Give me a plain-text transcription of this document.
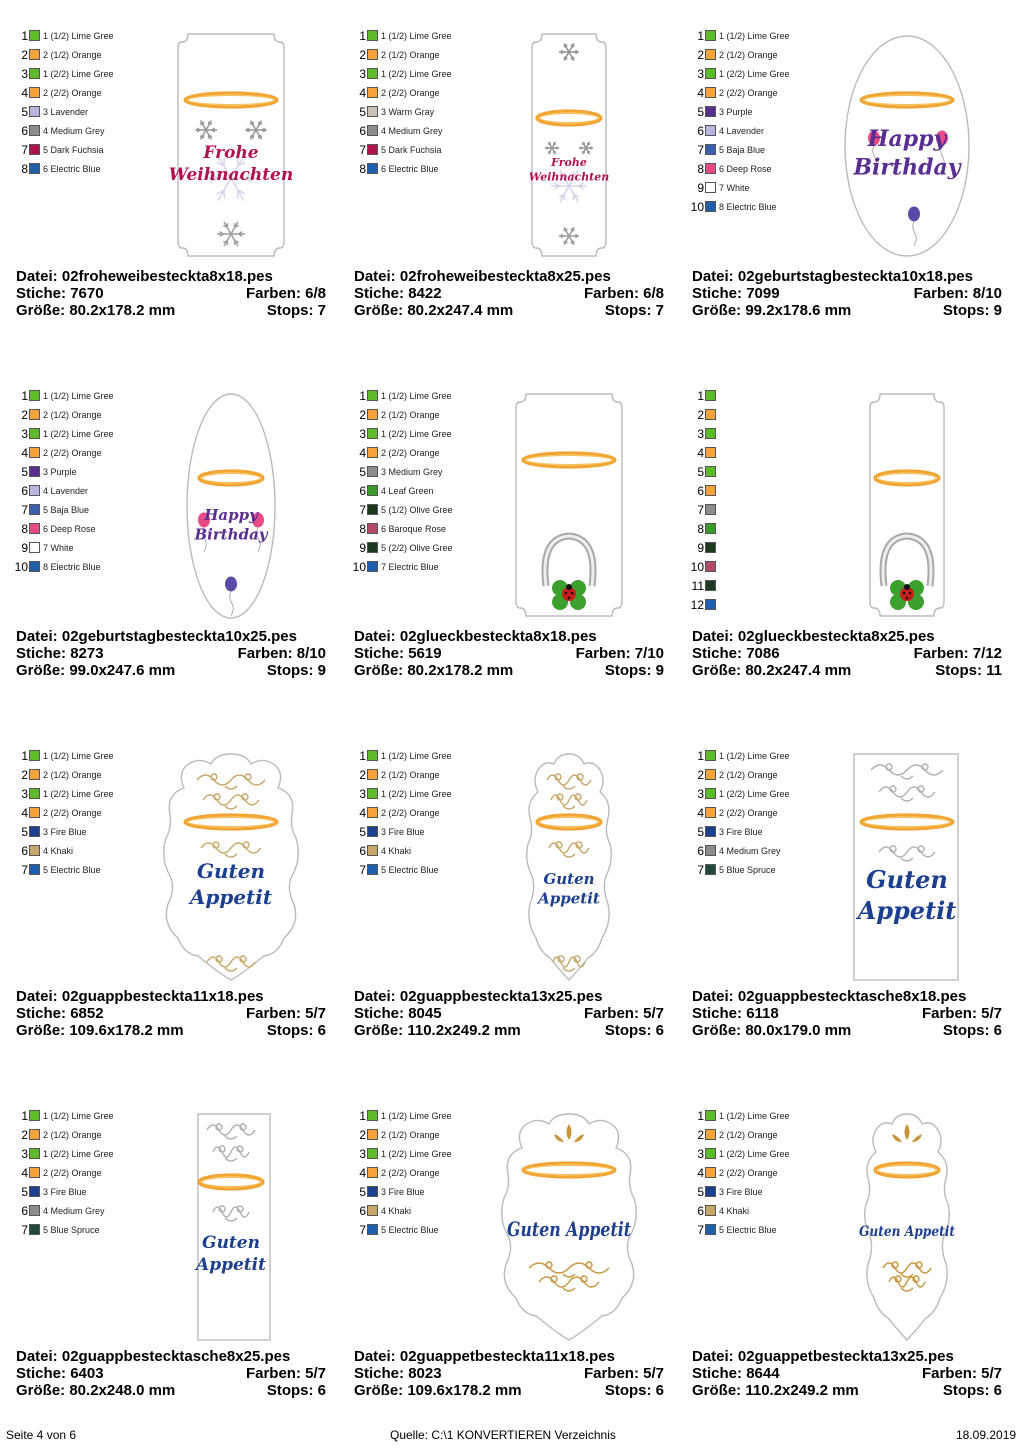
1 1 (1/2) Lime Gree
2 2 (1/2) Orange
3 1 (2/2) Lime Gree
4 2 (2/2) Orange
5 3 Lavender
6 4 Medium Grey
7 5 Dark Fuchsia
8 6 Electric Blue
Frohe
Weihnachten
Datei: 02froheweibesteckta8x18.pes
Stiche: 7670	Farben: 6/8
Größe: 80.2x178.2 mm	Stops: 7
1 1 (1/2) Lime Gree
2 2 (1/2) Orange
3 1 (2/2) Lime Gree
4 2 (2/2) Orange
5 3 Warm Gray
6 4 Medium Grey
7 5 Dark Fuchsia
8 6 Electric Blue	Frohe
Weihnachten
Datei: 02froheweibesteckta8x25.pes
Stiche: 8422	Farben: 6/8
Größe: 80.2x247.4 mm	Stops: 7
1 1 (1/2) Lime Gree
2 2 (1/2) Orange
3 1 (2/2) Lime Gree
4 2 (2/2) Orange
5 3 Purple
6 4 Lavender
7 5 Baja Blue
8 6 Deep Rose
9 7 White
10 8 Electric Blue
Happy
Birthday
Datei: 02geburtstagbesteckta10x18.pes
Stiche: 7099	Farben: 8/10
Größe: 99.2x178.6 mm	Stops: 9
1 1 (1/2) Lime Gree
2 2 (1/2) Orange
3 1 (2/2) Lime Gree
4 2 (2/2) Orange
5 3 Purple
6 4 Lavender
7 5 Baja Blue
8 6 Deep Rose
9 7 White
10 8 Electric Blue
Happy
Birthday
Datei: 02geburtstagbesteckta10x25.pes
Stiche: 8273	Farben: 8/10
Größe: 99.0x247.6 mm	Stops: 9
1 1 (1/2) Lime Gree
2 2 (1/2) Orange
3 1 (2/2) Lime Gree
4 2 (2/2) Orange
5 3 Medium Grey
6 4 Leaf Green
7 5 (1/2) Olive Gree
8 6 Baroque Rose
9 5 (2/2) Olive Gree
10 7 Electric Blue
Datei: 02glueckbesteckta8x18.pes
Stiche: 5619	Farben: 7/10
Größe: 80.2x178.2 mm	Stops: 9
1
2
3
4
5
6
7
8
9
10
11
12
Datei: 02glueckbesteckta8x25.pes
Stiche: 7086	Farben: 7/12
Größe: 80.2x247.4 mm	Stops: 11
1 1 (1/2) Lime Gree
2 2 (1/2) Orange
3 1 (2/2) Lime Gree
4 2 (2/2) Orange
5 3 Fire Blue
6 4 Khaki
7 5 Electric Blue	Guten
Appetit
Datei: 02guappbesteckta11x18.pes
Stiche: 6852	Farben: 5/7
Größe: 109.6x178.2 mm	Stops: 6
1 1 (1/2) Lime Gree
2 2 (1/2) Orange
3 1 (2/2) Lime Gree
4 2 (2/2) Orange
5 3 Fire Blue
6 4 Khaki
7 5 Electric Blue
Guten
Appetit
Datei: 02guappbesteckta13x25.pes
Stiche: 8045	Farben: 5/7
Größe: 110.2x249.2 mm	Stops: 6
1 1 (1/2) Lime Gree
2 2 (1/2) Orange
3 1 (2/2) Lime Gree
4 2 (2/2) Orange
5 3 Fire Blue
6 4 Medium Grey
7 5 Blue Spruce	Guten
Appetit
Datei: 02guappbestecktasche8x18.pes
Stiche: 6118	Farben: 5/7
Größe: 80.0x179.0 mm	Stops: 6
1 1 (1/2) Lime Gree
2 2 (1/2) Orange
3 1 (2/2) Lime Gree
4 2 (2/2) Orange
5 3 Fire Blue
6 4 Medium Grey
7 5 Blue Spruce
Guten
Appetit
Datei: 02guappbestecktasche8x25.pes
Stiche: 6403	Farben: 5/7
Größe: 80.2x248.0 mm	Stops: 6
1 1 (1/2) Lime Gree
2 2 (1/2) Orange
3 1 (2/2) Lime Gree
4 2 (2/2) Orange
5 3 Fire Blue
6 4 Khaki
7 5 Electric Blue	Guten Appetit
Datei: 02guappetbesteckta11x18.pes
Stiche: 8023	Farben: 5/7
Größe: 109.6x178.2 mm	Stops: 6
1 1 (1/2) Lime Gree
2 2 (1/2) Orange
3 1 (2/2) Lime Gree
4 2 (2/2) Orange
5 3 Fire Blue
6 4 Khaki
7 5 Electric Blue	Guten Appetit
Datei: 02guappetbesteckta13x25.pes
Stiche: 8644	Farben: 5/7
Größe: 110.2x249.2 mm	Stops: 6
Seite 4 von 6	Quelle: C:\1 KONVERTIEREN Verzeichnis	18.09.2019
